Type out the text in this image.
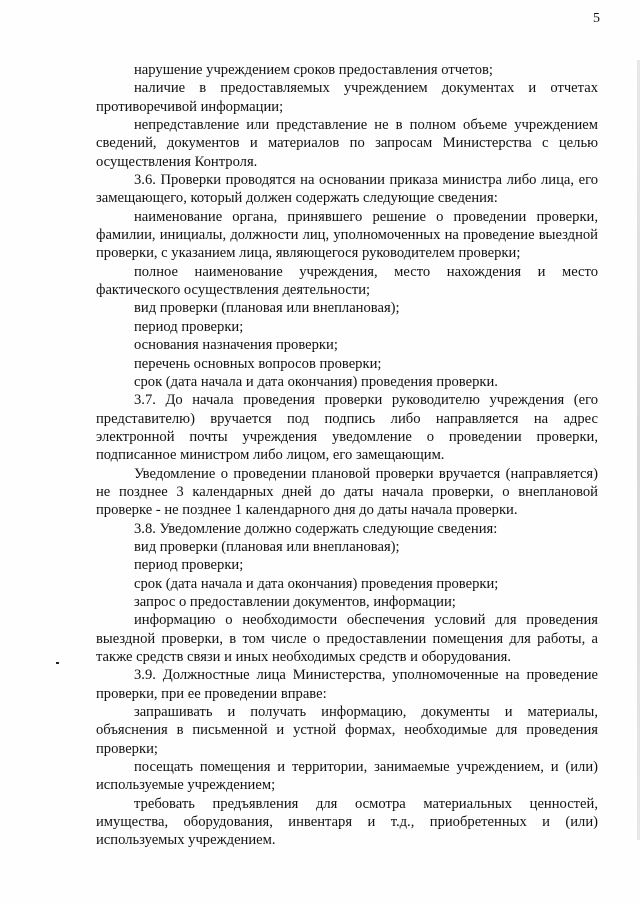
5

нарушение учреждением сроков предоставления отчетов;

наличие в предоставляемых учреждением документах и отчетах противоречивой информации;

непредставление или представление не в полном объеме учреждением сведений, документов и материалов по запросам Министерства с целью осуществления Контроля.

3.6. Проверки проводятся на основании приказа министра либо лица, его замещающего, который должен содержать следующие сведения:

наименование органа, принявшего решение о проведении проверки, фамилии, инициалы, должности лиц, уполномоченных на проведение выездной проверки, с указанием лица, являющегося руководителем проверки;

полное наименование учреждения, место нахождения и место фактического осуществления деятельности;

вид проверки (плановая или внеплановая);

период проверки;

основания назначения проверки;

перечень основных вопросов проверки;

срок (дата начала и дата окончания) проведения проверки.

3.7. До начала проведения проверки руководителю учреждения (его представителю) вручается под подпись либо направляется на адрес электронной почты учреждения уведомление о проведении проверки, подписанное министром либо лицом, его замещающим.

Уведомление о проведении плановой проверки вручается (направляется) не позднее 3 календарных дней до даты начала проверки, о внеплановой проверке - не позднее 1 календарного дня до даты начала проверки.

3.8. Уведомление должно содержать следующие сведения:

вид проверки (плановая или внеплановая);

период проверки;

срок (дата начала и дата окончания) проведения проверки;

запрос о предоставлении документов, информации;

информацию о необходимости обеспечения условий для проведения выездной проверки, в том числе о предоставлении помещения для работы, а также средств связи и иных необходимых средств и оборудования.

3.9. Должностные лица Министерства, уполномоченные на проведение проверки, при ее проведении вправе:

запрашивать и получать информацию, документы и материалы, объяснения в письменной и устной формах, необходимые для проведения проверки;

посещать помещения и территории, занимаемые учреждением, и (или) используемые учреждением;

требовать предъявления для осмотра материальных ценностей, имущества, оборудования, инвентаря и т.д., приобретенных и (или) используемых учреждением.
